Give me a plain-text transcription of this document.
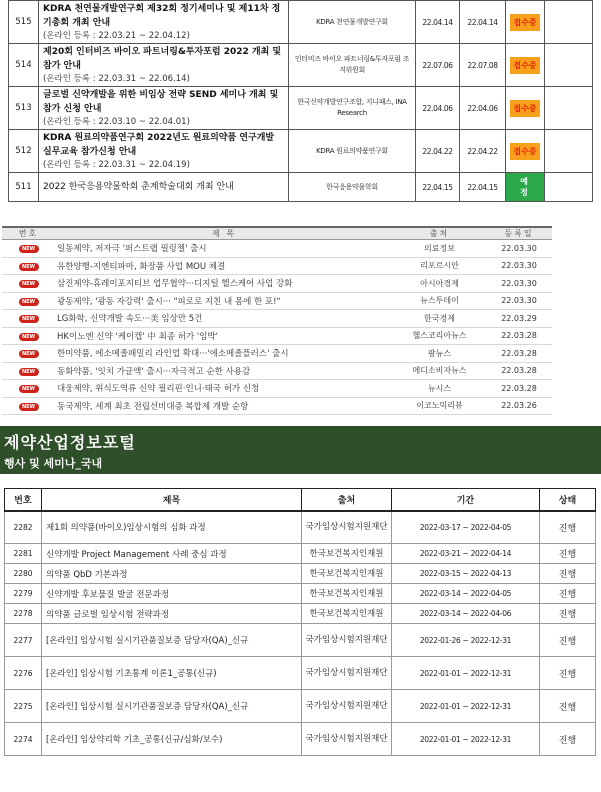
515	KDRA 천연물개발연구회 제32회 정기세미나 및 제11차 정기총회 개최 안내
(온라인 등록 : 22.03.21 ~ 22.04.12)	KDRA 천연물개발연구회	22.04.14	22.04.14	접수중	
514	제20회 인터비즈 바이오 파트너링&투자포럼 2022 개최 및 참가 안내
(온라인 등록 : 22.03.31 ~ 22.06.14)	인터비즈 바이오 파트너링&투자포럼 조직위원회	22.07.06	22.07.08	접수중	
513	글로벌 신약개발을 위한 비임상 전략 SEND 세미나 개최 및 참가 신청 안내
(온라인 등록 : 22.03.10 ~ 22.04.01)	한국신약개발연구조합, 지니패스, INA Research	22.04.06	22.04.06	접수중	
512	KDRA 원료의약품연구회 2022년도 원료의약품 연구개발 실무교육 참가신청 안내
(온라인 등록 : 22.03.31 ~ 22.04.19)	KDRA 원료의약품연구회	22.04.22	22.04.22	접수중	
511	2022 한국응용약물학회 춘계학술대회 개최 안내	한국응용약물학회	22.04.15	22.04.15	예 정	
번호	제 목	출처	등록일
NEW	일동제약, 저자극 '퍼스트랩 필링젤' 출시	의료정보	22.03.30
NEW	유한양행-지엔티파마, 화장품 사업 MOU 체결	리포르시안	22.03.30
NEW	삼진제약-휴레이포지티브 업무협약···디지털 헬스케어 사업 강화	아시아경제	22.03.30
NEW	광동제약, '광동 자강력' 출시··· "피로로 지친 내 몸에 한 포!"	뉴스투데이	22.03.30
NEW	LG화학, 신약개발 속도···美 임상만 5건	한국경제	22.03.29
NEW	HK이노엔 신약 '케이캡' 中 최종 허가 '임박'	헬스코리아뉴스	22.03.28
NEW	한미약품, 에소메졸패밀리 라인업 확대···'에소메졸플러스' 출시	팜뉴스	22.03.28
NEW	동화약품, '잇치 가글액' 출시···자극적고 순한 사용감	메디소비자뉴스	22.03.28
NEW	대웅제약, 위식도역류 신약 필리핀·인니·태국 허가 신청	뉴시스	22.03.28
NEW	동국제약, 세계 최초 전립선비대증 복합제 개발 순항	이코노믹리뷰	22.03.26
제약산업정보포털
행사 및 세미나_국내
번호	제목	출처	기간	상태
2282	제1회 의약품(바이오)임상시험의 심화 과정	국가임상시험지원재단	2022-03-17 ~ 2022-04-05	진행
2281	신약개발 Project Management 사례 중심 과정	한국보건복지인재원	2022-03-21 ~ 2022-04-14	진행
2280	의약품 QbD 기본과정	한국보건복지인재원	2022-03-15 ~ 2022-04-13	진행
2279	신약개발 후보물질 발굴 전문과정	한국보건복지인재원	2022-03-14 ~ 2022-04-05	진행
2278	의약품 글로벌 임상시험 전략과정	한국보건복지인재원	2022-03-14 ~ 2022-04-06	진행
2277	[온라인] 임상시험 실시기관품질보증 담당자(QA)_신규	국가임상시험지원재단	2022-01-26 ~ 2022-12-31	진행
2276	[온라인] 임상시험 기초통계 이론1_공통(신규)	국가임상시험지원재단	2022-01-01 ~ 2022-12-31	진행
2275	[온라인] 임상시험 실시기관품질보증 담당자(QA)_신규	국가임상시험지원재단	2022-01-01 ~ 2022-12-31	진행
2274	[온라인] 임상약리학 기초_공통(신규/심화/보수)	국가임상시험지원재단	2022-01-01 ~ 2022-12-31	진행
